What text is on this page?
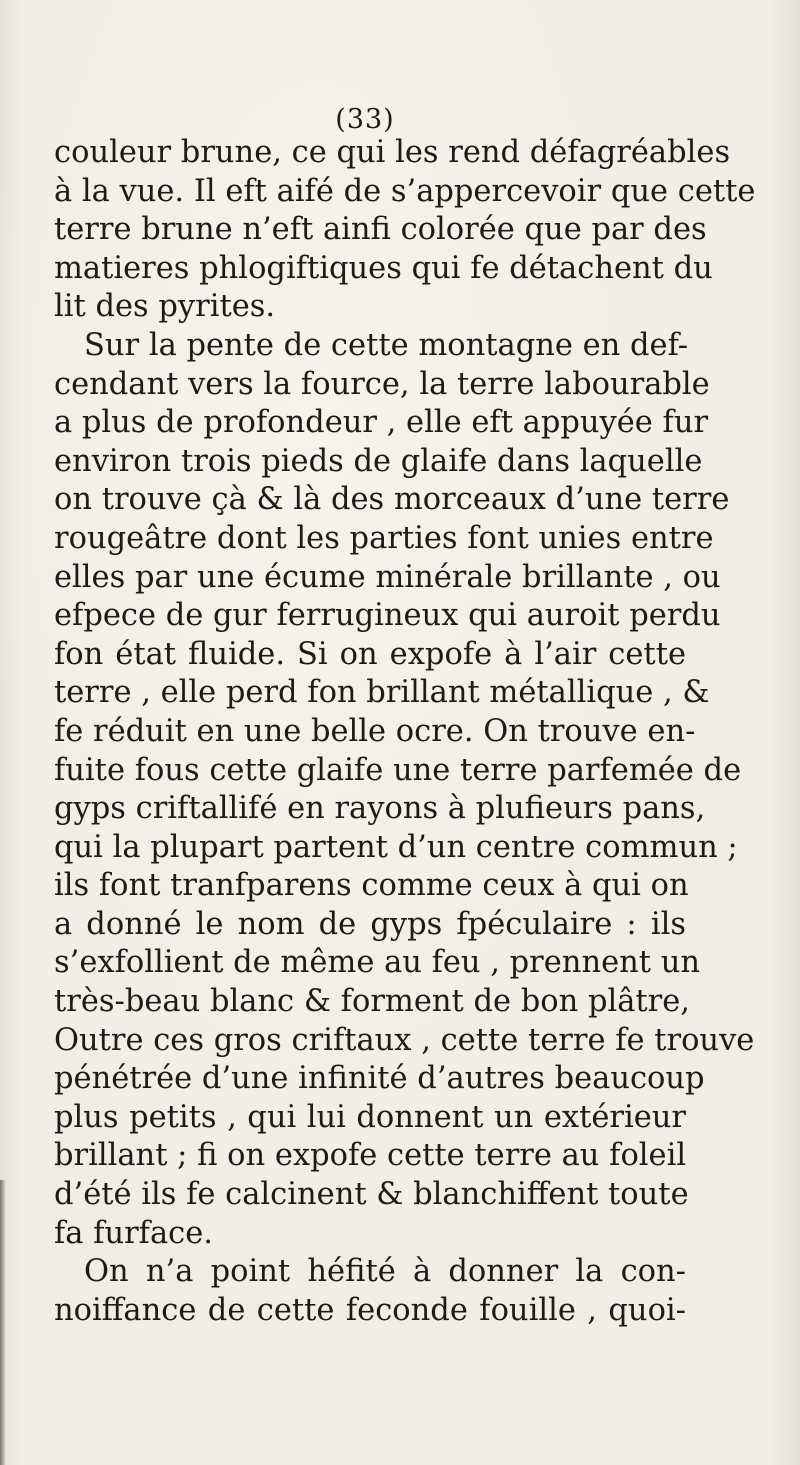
(33)
couleur brune, ce qui les rend défagréables
à la vue. Il eft aifé de s’appercevoir que cette
terre brune n’eft ainfi colorée que par des
matieres phlogiftiques qui fe détachent du
lit des pyrites.
Sur la pente de cette montagne en def-
cendant vers la fource, la terre labourable
a plus de profondeur , elle eft appuyée fur
environ trois pieds de glaife dans laquelle
on trouve çà & là des morceaux d’une terre
rougeâtre dont les parties font unies entre
elles par une écume minérale brillante , ou
efpece de gur ferrugineux qui auroit perdu
fon état fluide. Si on expofe à l’air cette
terre , elle perd fon brillant métallique , &
fe réduit en une belle ocre. On trouve en-
fuite fous cette glaife une terre parfemée de
gyps criftallifé en rayons à plufieurs pans,
qui la plupart partent d’un centre commun ;
ils font tranfparens comme ceux à qui on
a donné le nom de gyps fpéculaire : ils
s’exfollient de même au feu , prennent un
très-beau blanc & forment de bon plâtre,
Outre ces gros criftaux , cette terre fe trouve
pénétrée d’une infinité d’autres beaucoup
plus petits , qui lui donnent un extérieur
brillant ; fi on expofe cette terre au foleil
d’été ils fe calcinent & blanchiffent toute
fa furface.
On n’a point héfité à donner la con-
noiffance de cette feconde fouille , quoi-
